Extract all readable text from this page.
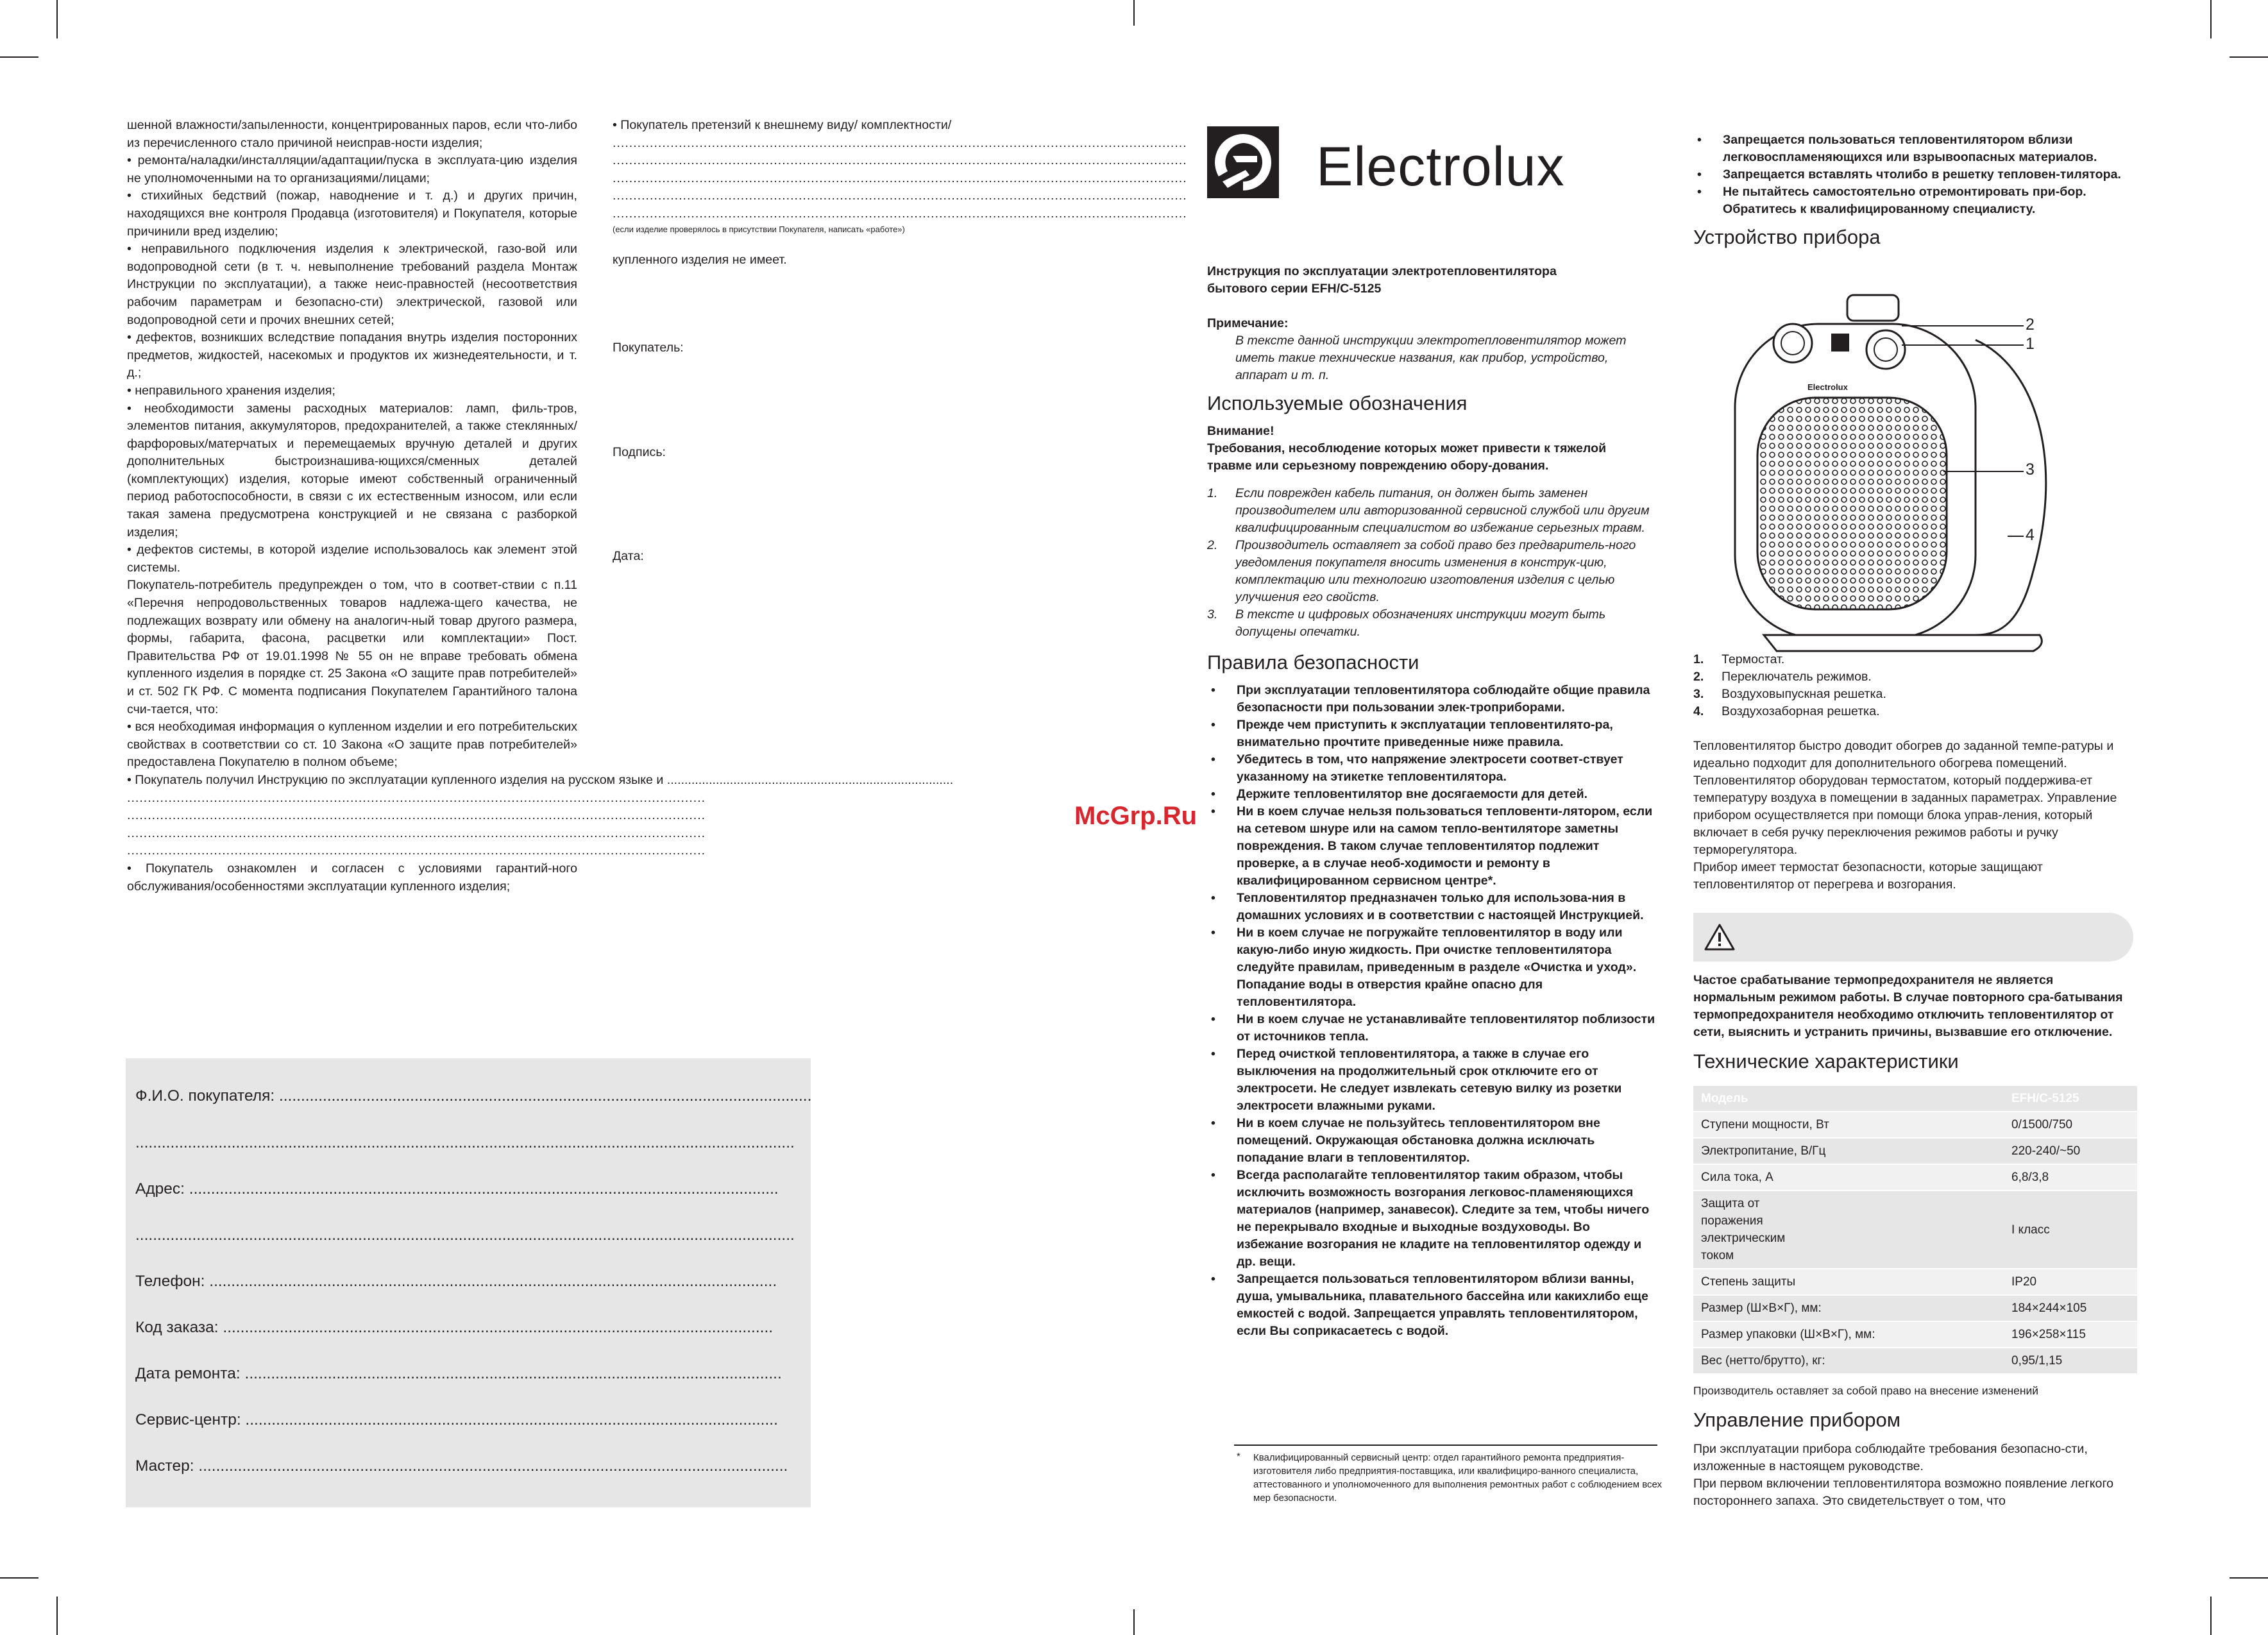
шенной влажности/запыленности, концентрированных паров, если что-либо из перечисленного стало причиной неисправ-ности изделия;

• ремонта/наладки/инсталляции/адаптации/пуска в эксплуата-цию изделия не уполномоченными на то организациями/лицами;

• стихийных бедствий (пожар, наводнение и т. д.) и других причин, находящихся вне контроля Продавца (изготовителя) и Покупателя, которые причинили вред изделию;

• неправильного подключения изделия к электрической, газо-вой или водопроводной сети (в т. ч. невыполнение требований раздела Монтаж Инструкции по эксплуатации), а также неис-правностей (несоответствия рабочим параметрам и безопасно-сти) электрической, газовой или водопроводной сети и прочих внешних сетей;

• дефектов, возникших вследствие попадания внутрь изделия посторонних предметов, жидкостей, насекомых и продуктов их жизнедеятельности, и т. д.;

• неправильного хранения изделия;

• необходимости замены расходных материалов: ламп, филь-тров, элементов питания, аккумуляторов, предохранителей, а также стеклянных/фарфоровых/матерчатых и перемещаемых вручную деталей и других дополнительных быстроизнашива-ющихся/сменных деталей (комплектующих) изделия, которые имеют собственный ограниченный период работоспособности, в связи с их естественным износом, или если такая замена предусмотрена конструкцией и не связана с разборкой изделия;

• дефектов системы, в которой изделие использовалось как элемент этой системы.

Покупатель-потребитель предупрежден о том, что в соответ-ствии с п.11 «Перечня непродовольственных товаров надлежа-щего качества, не подлежащих возврату или обмену на аналогич-ный товар другого размера, формы, габарита, фасона, расцветки или комплектации» Пост. Правительства РФ от 19.01.1998 № 55 он не вправе требовать обмена купленного изделия в порядке ст. 25 Закона «О защите прав потребителей» и ст. 502 ГК РФ. С момента подписания Покупателем Гарантийного талона счи-тается, что:

• вся необходимая информация о купленном изделии и его потребительских свойствах в соответствии со ст. 10 Закона «О защите прав потребителей» предоставлена Покупателю в полном объеме;

• Покупатель получил Инструкцию по эксплуатации купленного изделия на русском языке и ..................................................................................

............................................................................................................................................

............................................................................................................................................

............................................................................................................................................

............................................................................................................................................

• Покупатель ознакомлен и согласен с условиями гарантий-ного обслуживания/особенностями эксплуатации купленного изделия;

• Покупатель претензий к внешнему виду/ комплектности/
...........................................................................................................................................
...........................................................................................................................................
...........................................................................................................................................
...........................................................................................................................................
...........................................................................................................................................
(если изделие проверялось в присутствии Покупателя, написать «работе»)
купленного изделия не имеет.
Покупатель:
Подпись:
Дата:
Ф.И.О. покупателя: ..........................................................................................................................
.......................................................................................................................................................
Адрес: .......................................................................................................................................
.......................................................................................................................................................
Телефон: ..................................................................................................................................
Код заказа: ..............................................................................................................................
Дата ремонта: ...........................................................................................................................
Сервис-центр: ..........................................................................................................................
Мастер: .......................................................................................................................................
McGrp.Ru
Electrolux
Инструкция по эксплуатации электротепловентилятора бытового серии EFH/C-5125
Примечание:
В тексте данной инструкции электротепловентилятор может иметь такие технические названия, как прибор, устройство, аппарат и т. п.
Используемые обозначения
Внимание!
Требования, несоблюдение которых может привести к тяжелой травме или серьезному повреждению обору-дования.
1.	Если поврежден кабель питания, он должен быть заменен производителем или авторизованной сервисной службой или другим квалифицированным специалистом во избежание серьезных травм.
2.	Производитель оставляет за собой право без предваритель-ного уведомления покупателя вносить изменения в конструк-цию, комплектацию или технологию изготовления изделия с целью улучшения его свойств.
3.	В тексте и цифровых обозначениях инструкции могут быть допущены опечатки.
Правила безопасности
• При эксплуатации тепловентилятора соблюдайте общие правила безопасности при пользовании элек-троприборами.
• Прежде чем приступить к эксплуатации тепловентилято-ра, внимательно прочтите приведенные ниже правила.
• Убедитесь в том, что напряжение электросети соответ-ствует указанному на этикетке тепловентилятора.
• Держите тепловентилятор вне досягаемости для детей.
• Ни в коем случае нельзя пользоваться тепловенти-лятором, если на сетевом шнуре или на самом тепло-вентиляторе заметны повреждения. В таком случае тепловентилятор подлежит проверке, а в случае необ-ходимости и ремонту в квалифицированном сервисном центре*.
• Тепловентилятор предназначен только для использова-ния в домашних условиях и в соответствии с настоящей Инструкцией.
• Ни в коем случае не погружайте тепловентилятор в воду или какую-либо иную жидкость. При очистке тепловентилятора следуйте правилам, приведенным в разделе «Очистка и уход». Попадание воды в отверстия крайне опасно для тепловентилятора.
• Ни в коем случае не устанавливайте тепловентилятор поблизости от источников тепла.
• Перед очисткой тепловентилятора, а также в случае его выключения на продолжительный срок отключите его от электросети. Не следует извлекать сетевую вилку из розетки электросети влажными руками.
• Ни в коем случае не пользуйтесь тепловентилятором вне помещений. Окружающая обстановка должна исключать попадание влаги в тепловентилятор.
• Всегда располагайте тепловентилятор таким образом, чтобы исключить возможность возгорания легковос-пламеняющихся материалов (например, занавесок). Следите за тем, чтобы ничего не перекрывало входные и выходные воздуховоды. Во избежание возгорания не кладите на тепловентилятор одежду и др. вещи.
• Запрещается пользоваться тепловентилятором вблизи ванны, душа, умывальника, плавательного бассейна или какихлибо еще емкостей с водой. Запрещается управлять тепловентилятором, если Вы соприкасаетесь с водой.
* Квалифицированный сервисный центр: отдел гарантийного ремонта предприятия-изготовителя либо предприятия-поставщика, или квалифициро-ванного специалиста, аттестованного и уполномоченного для выполнения ремонтных работ с соблюдением всех мер безопасности.
• Запрещается пользоваться тепловентилятором вблизи легковоспламеняющихся или взрывоопасных материалов.
• Запрещается вставлять чтолибо в решетку тепловен-тилятора.
• Не пытайтесь самостоятельно отремонтировать при-бор. Обратитесь к квалифицированному специалисту.
Устройство прибора
Electrolux
2
1
3
4
1.	Термостат.
2.	Переключатель режимов.
3.	Воздуховыпускная решетка.
4.	Воздухозаборная решетка.
Тепловентилятор быстро доводит обогрев до заданной темпе-ратуры и идеально подходит для дополнительного обогрева помещений.
Тепловентилятор оборудован термостатом, который поддержива-ет температуру воздуха в помещении в заданных параметрах. Управление прибором осуществляется при помощи блока управ-ления, который включает в себя ручку переключения режимов работы и ручку терморегулятора.
Прибор имеет термостат безопасности, которые защищают тепловентилятор от перегрева и возгорания.
Частое срабатывание термопредохранителя не является нормальным режимом работы. В случае повторного сра-батывания термопредохранителя необходимо отключить тепловентилятор от сети, выяснить и устранить причины, вызвавшие его отключение.
Технические характеристики
Модель	EFH/C-5125
Ступени мощности, Вт	0/1500/750
Электропитание, В/Гц	220-240/~50
Сила тока, А	6,8/3,8
Защита от поражения электрическим током	I класс
Степень защиты	IP20
Размер (Ш×В×Г), мм:	184×244×105
Размер упаковки (Ш×В×Г), мм:	196×258×115
Вес (нетто/брутто), кг:	0,95/1,15
Производитель оставляет за собой право на внесение изменений
Управление прибором
При эксплуатации прибора соблюдайте требования безопасно-сти, изложенные в настоящем руководстве.
При первом включении тепловентилятора возможно появление легкого постороннего запаха. Это свидетельствует о том, что
